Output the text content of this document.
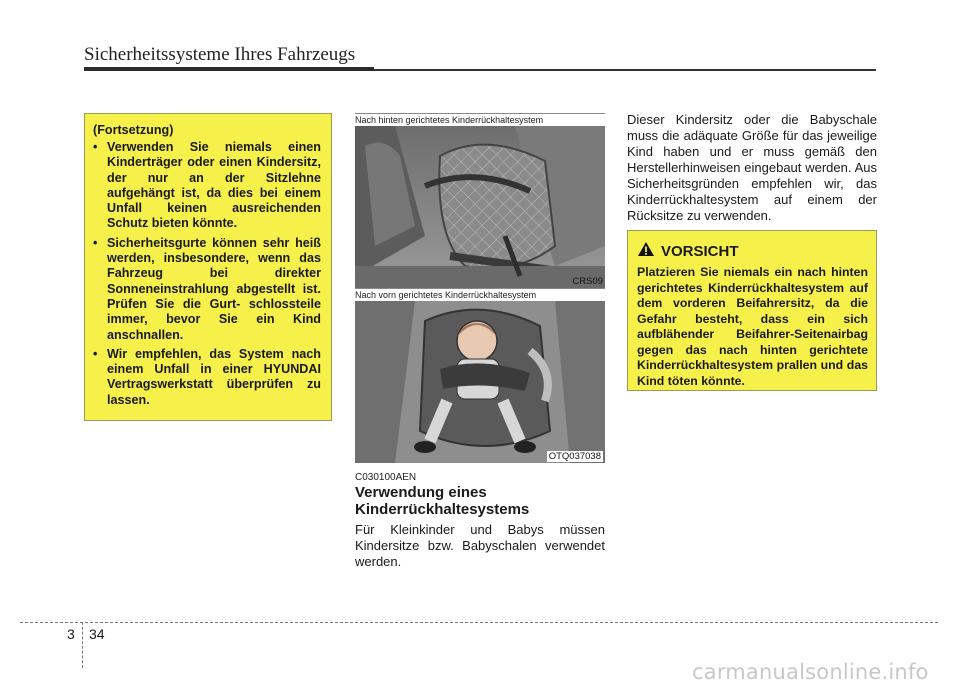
Sicherheitssysteme Ihres Fahrzeugs
(Fortsetzung)
• Verwenden Sie niemals einen Kinderträger oder einen Kindersitz, der nur an der Sitzlehne aufgehängt ist, da dies bei einem Unfall keinen ausreichenden Schutz bieten könnte.
• Sicherheitsgurte können sehr heiß werden, insbesondere, wenn das Fahrzeug bei direkter Sonneneinstrahlung abgestellt ist. Prüfen Sie die Gurt- schlossteile immer, bevor Sie ein Kind anschnallen.
• Wir empfehlen, das System nach einem Unfall in einer HYUNDAI Vertragswerkstatt überprüfen zu lassen.
Nach hinten gerichtetes Kinderrückhaltesystem
CRS09
Nach vorn gerichtetes Kinderrückhaltesystem
OTQ037038
C030100AEN
Verwendung eines Kinderrückhaltesystems
Für Kleinkinder und Babys müssen Kindersitze bzw. Babyschalen verwendet werden.
Dieser Kindersitz oder die Babyschale muss die adäquate Größe für das jeweilige Kind haben und er muss gemäß den Herstellerhinweisen eingebaut werden. Aus Sicherheitsgründen empfehlen wir, das Kinderrückhaltesystem auf einem der Rücksitze zu verwenden.
VORSICHT
Platzieren Sie niemals ein nach hinten gerichtetes Kinderrückhaltesystem auf dem vorderen Beifahrersitz, da die Gefahr besteht, dass ein sich aufblähender Beifahrer-Seitenairbag gegen das nach hinten gerichtete Kinderrückhaltesystem prallen und das Kind töten könnte.
3 34
carmanualsonline.info
